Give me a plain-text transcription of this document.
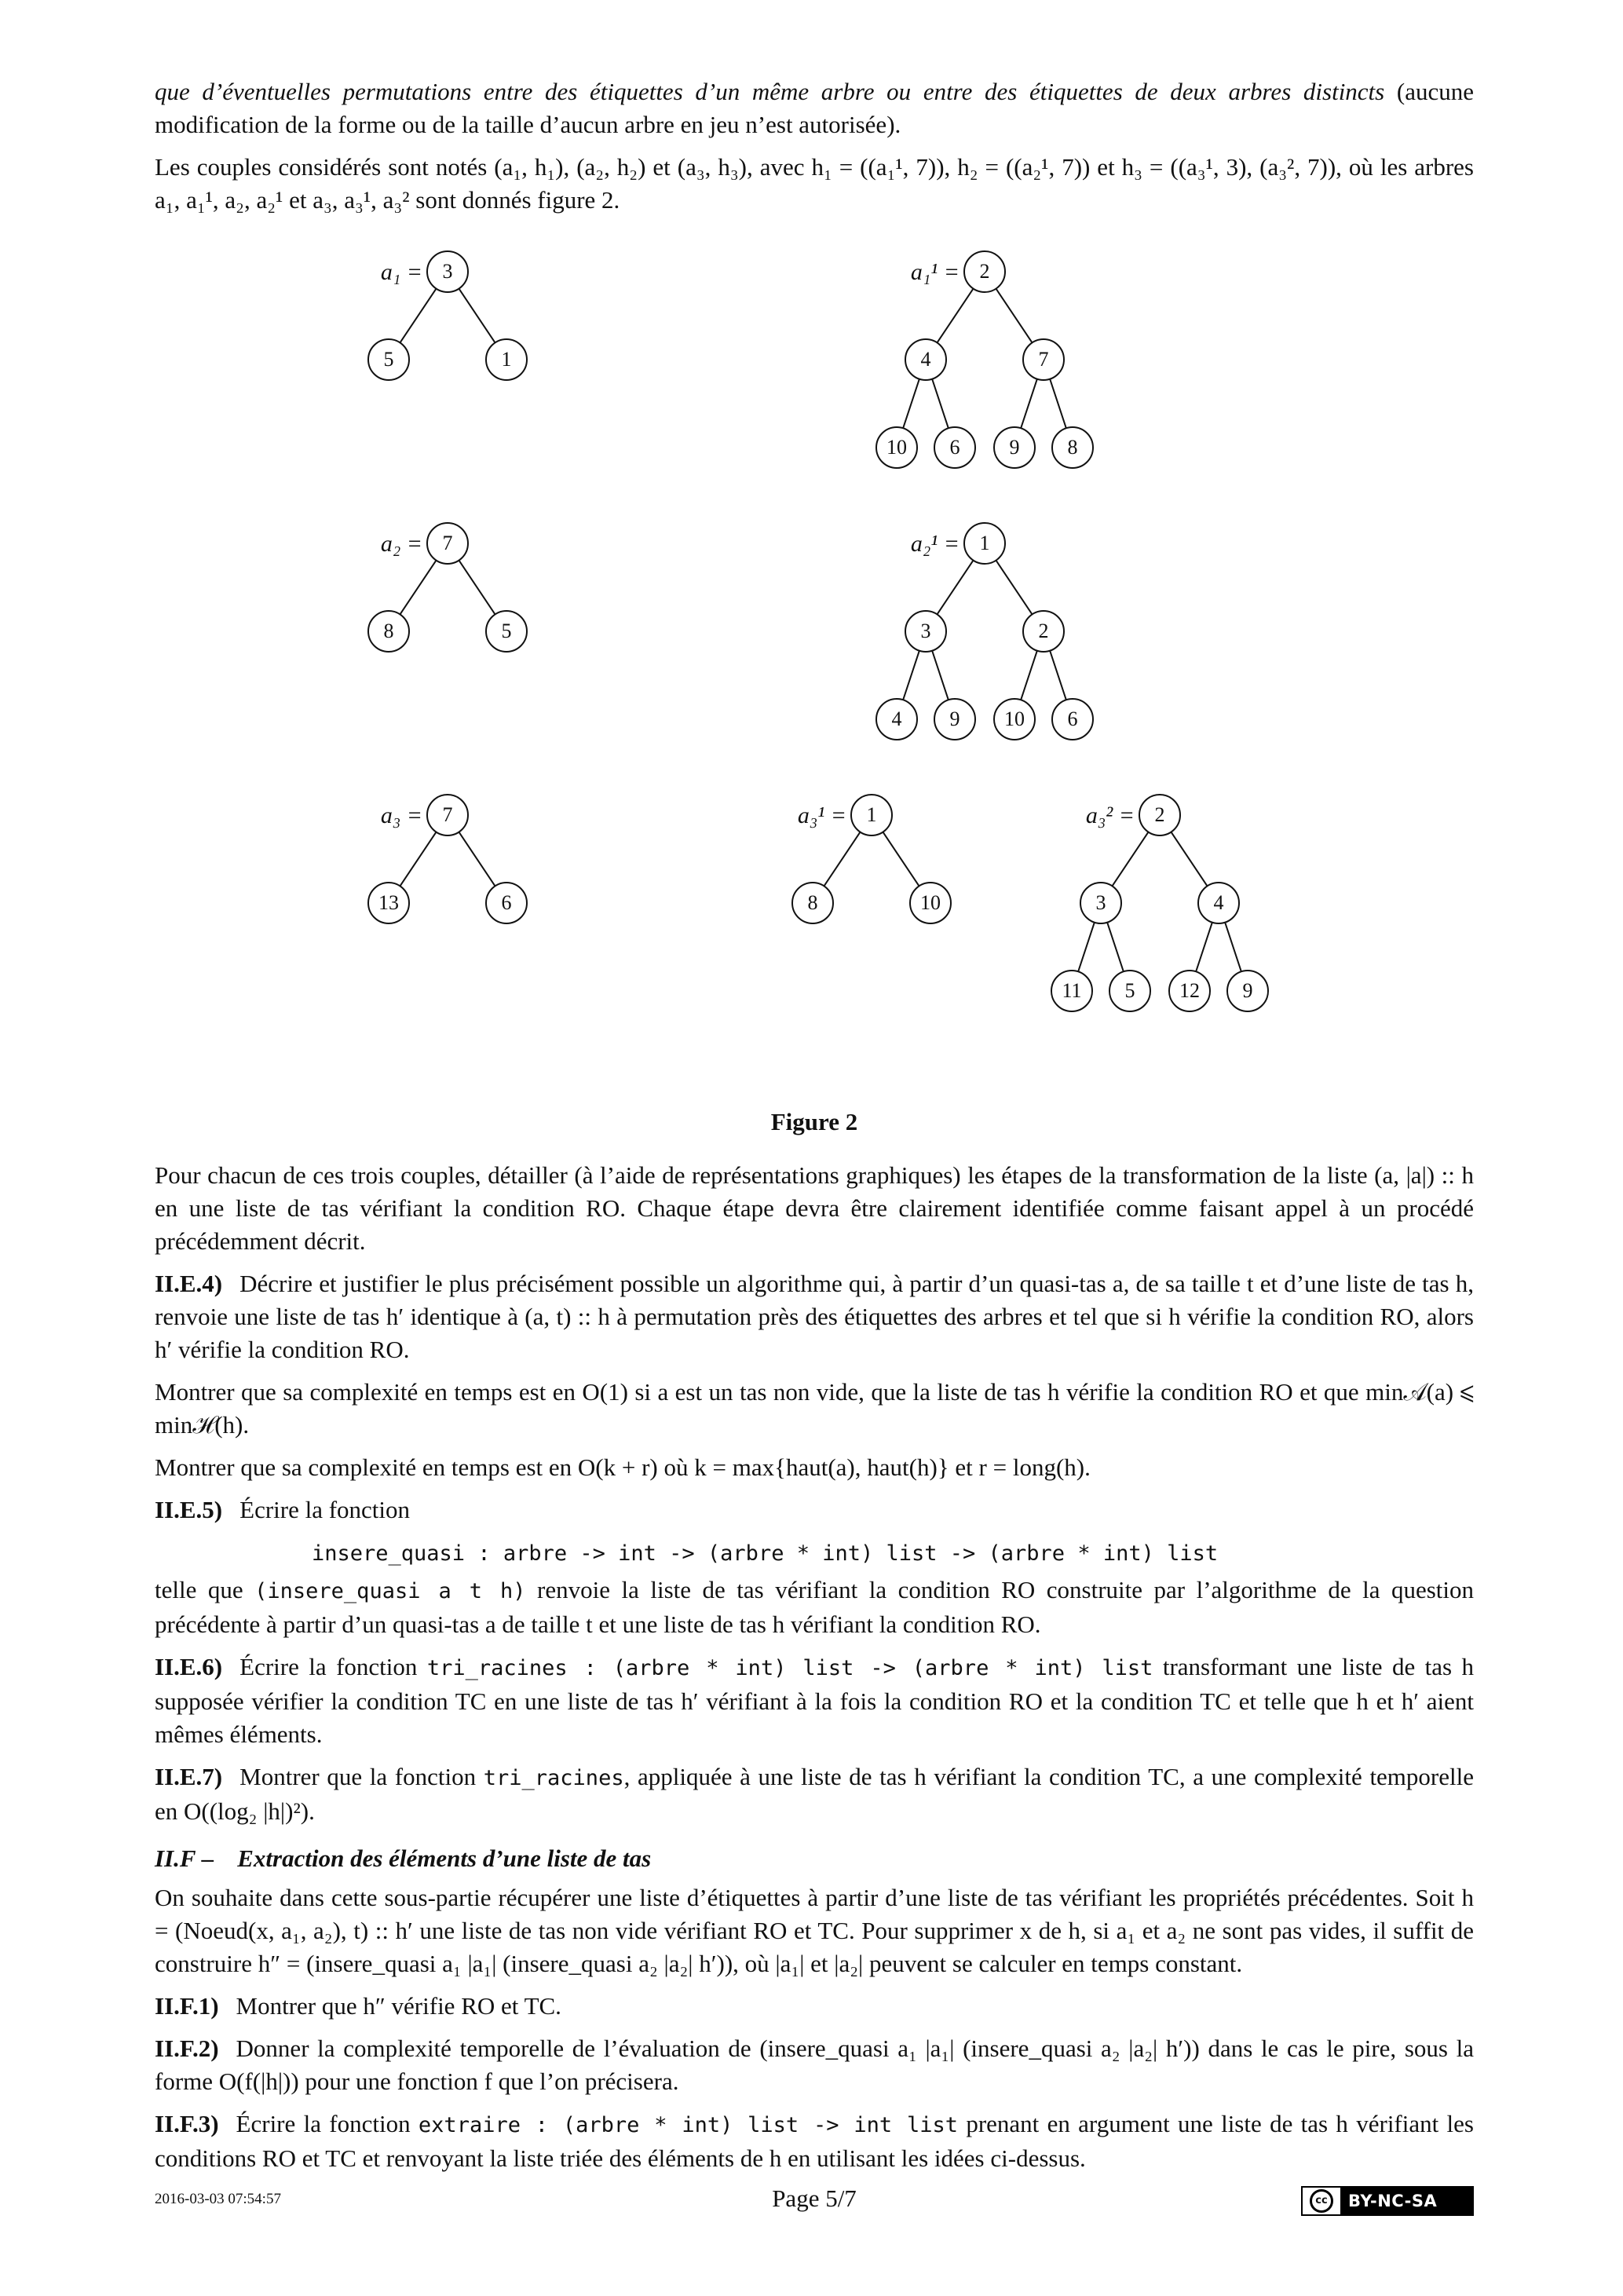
que d’éventuelles permutations entre des étiquettes d’un même arbre ou entre des étiquettes de deux arbres distincts (aucune modification de la forme ou de la taille d’aucun arbre en jeu n’est autorisée).

Les couples considérés sont notés (a₁, h₁), (a₂, h₂) et (a₃, h₃), avec h₁ = ((a₁¹, 7)), h₂ = ((a₂¹, 7)) et h₃ = ((a₃¹, 3), (a₃², 7)), où les arbres a₁, a₁¹, a₂, a₂¹ et a₃, a₃¹, a₃² sont donnés figure 2.

3
5	1
a₁ =	2
4	7
10 6 9 8
a₁¹ =
7
8	5
a₂ =	1
3	2
4 9 10 6
a₂¹ =
7
13	6
a₃ =	1
8	10
a₃¹ =	2
3	4
11 5 12 9
a₃² =
Figure 2

Pour chacun de ces trois couples, détailler (à l’aide de représentations graphiques) les étapes de la transformation de la liste (a, |a|) :: h en une liste de tas vérifiant la condition RO. Chaque étape devra être clairement identifiée comme faisant appel à un procédé précédemment décrit.

II.E.4) Décrire et justifier le plus précisément possible un algorithme qui, à partir d’un quasi-tas a, de sa taille t et d’une liste de tas h, renvoie une liste de tas h′ identique à (a, t) :: h à permutation près des étiquettes des arbres et tel que si h vérifie la condition RO, alors h′ vérifie la condition RO.

Montrer que sa complexité en temps est en O(1) si a est un tas non vide, que la liste de tas h vérifie la condition RO et que min𝒜(a) ⩽ minℋ(h).

Montrer que sa complexité en temps est en O(k + r) où k = max{haut(a), haut(h)} et r = long(h).

II.E.5) Écrire la fonction

insere_quasi : arbre -> int -> (arbre * int) list -> (arbre * int) list

telle que (insere_quasi a t h) renvoie la liste de tas vérifiant la condition RO construite par l’algorithme de la question précédente à partir d’un quasi-tas a de taille t et une liste de tas h vérifiant la condition RO.

II.E.6) Écrire la fonction tri_racines : (arbre * int) list -> (arbre * int) list transformant une liste de tas h supposée vérifier la condition TC en une liste de tas h′ vérifiant à la fois la condition RO et la condition TC et telle que h et h′ aient mêmes éléments.

II.E.7) Montrer que la fonction tri_racines, appliquée à une liste de tas h vérifiant la condition TC, a une complexité temporelle en O((log₂ |h|)²).

II.F – Extraction des éléments d’une liste de tas

On souhaite dans cette sous-partie récupérer une liste d’étiquettes à partir d’une liste de tas vérifiant les propriétés précédentes. Soit h = (Noeud(x, a₁, a₂), t) :: h′ une liste de tas non vide vérifiant RO et TC. Pour supprimer x de h, si a₁ et a₂ ne sont pas vides, il suffit de construire h″ = (insere_quasi a₁ |a₁| (insere_quasi a₂ |a₂| h′)), où |a₁| et |a₂| peuvent se calculer en temps constant.

II.F.1) Montrer que h″ vérifie RO et TC.

II.F.2) Donner la complexité temporelle de l’évaluation de (insere_quasi a₁ |a₁| (insere_quasi a₂ |a₂| h′)) dans le cas le pire, sous la forme O(f(|h|)) pour une fonction f que l’on précisera.

II.F.3) Écrire la fonction extraire : (arbre * int) list -> int list prenant en argument une liste de tas h vérifiant les conditions RO et TC et renvoyant la liste triée des éléments de h en utilisant les idées ci-dessus.

2016-03-03 07:54:57	Page 5/7	cc	BY-NC-SA
